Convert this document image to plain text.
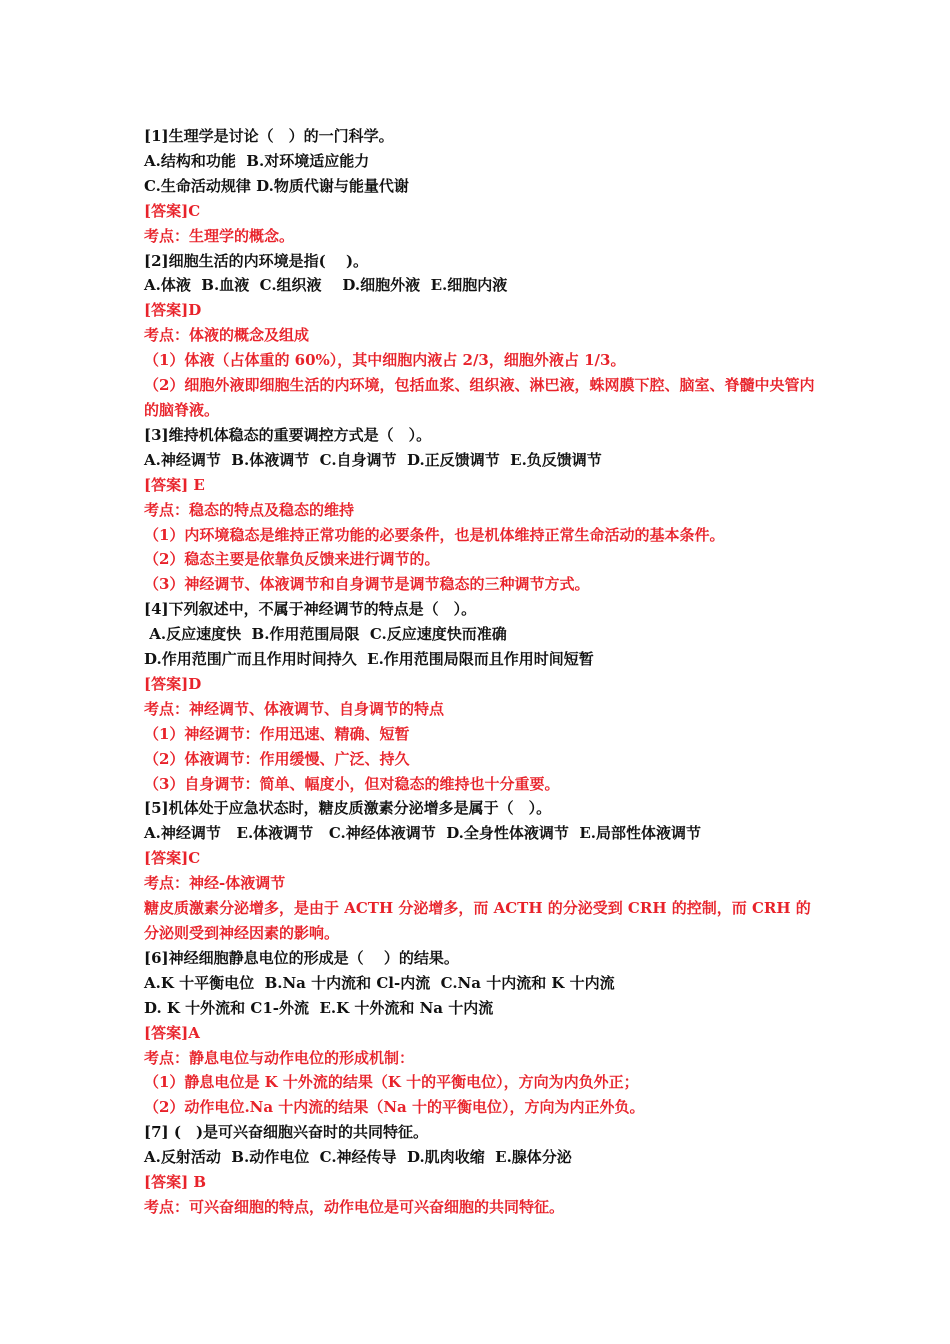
[1]生理学是讨论（　）的一门科学。
A.结构和功能  B.对环境适应能力
C.生命活动规律 D.物质代谢与能量代谢
[答案]C
考点：生理学的概念。
[2]细胞生活的内环境是指(　 )。
A.体液  B.血液  C.组织液    D.细胞外液  E.细胞内液
[答案]D
考点：体液的概念及组成
（1）体液（占体重的 60%），其中细胞内液占 2/3，细胞外液占 1/3。
（2）细胞外液即细胞生活的内环境，包括血浆、组织液、淋巴液，蛛网膜下腔、脑室、脊髓中央管内的脑脊液。
[3]维持机体稳态的重要调控方式是（　）。
A.神经调节  B.体液调节  C.自身调节  D.正反馈调节  E.负反馈调节
[答案] E
考点：稳态的特点及稳态的维持
（1）内环境稳态是维持正常功能的必要条件，也是机体维持正常生命活动的基本条件。
（2）稳态主要是依靠负反馈来进行调节的。
（3）神经调节、体液调节和自身调节是调节稳态的三种调节方式。
[4]下列叙述中，不属于神经调节的特点是（　）。
A.反应速度快  B.作用范围局限  C.反应速度快而准确
D.作用范围广而且作用时间持久  E.作用范围局限而且作用时间短暂
[答案]D
考点：神经调节、体液调节、自身调节的特点
（1）神经调节：作用迅速、精确、短暂
（2）体液调节：作用缓慢、广泛、持久
（3）自身调节：简单、幅度小，但对稳态的维持也十分重要。
[5]机体处于应急状态时，糖皮质激素分泌增多是属于（　）。
A.神经调节   E.体液调节   C.神经体液调节  D.全身性体液调节  E.局部性体液调节
[答案]C
考点：神经-体液调节
糖皮质激素分泌增多，是由于 ACTH 分泌增多，而 ACTH 的分泌受到 CRH 的控制，而 CRH 的分泌则受到神经因素的影响。
[6]神经细胞静息电位的形成是（　 ）的结果。
A.K 十平衡电位  B.Na 十内流和 Cl-内流  C.Na 十内流和 K 十内流
D. K 十外流和 C1-外流  E.K 十外流和 Na 十内流
[答案]A
考点：静息电位与动作电位的形成机制：
（1）静息电位是 K 十外流的结果（K 十的平衡电位），方向为内负外正；
（2）动作电位.Na 十内流的结果（Na 十的平衡电位），方向为内正外负。
[7] (　)是可兴奋细胞兴奋时的共同特征。
A.反射活动  B.动作电位  C.神经传导  D.肌肉收缩  E.腺体分泌
[答案] B
考点：可兴奋细胞的特点，动作电位是可兴奋细胞的共同特征。
